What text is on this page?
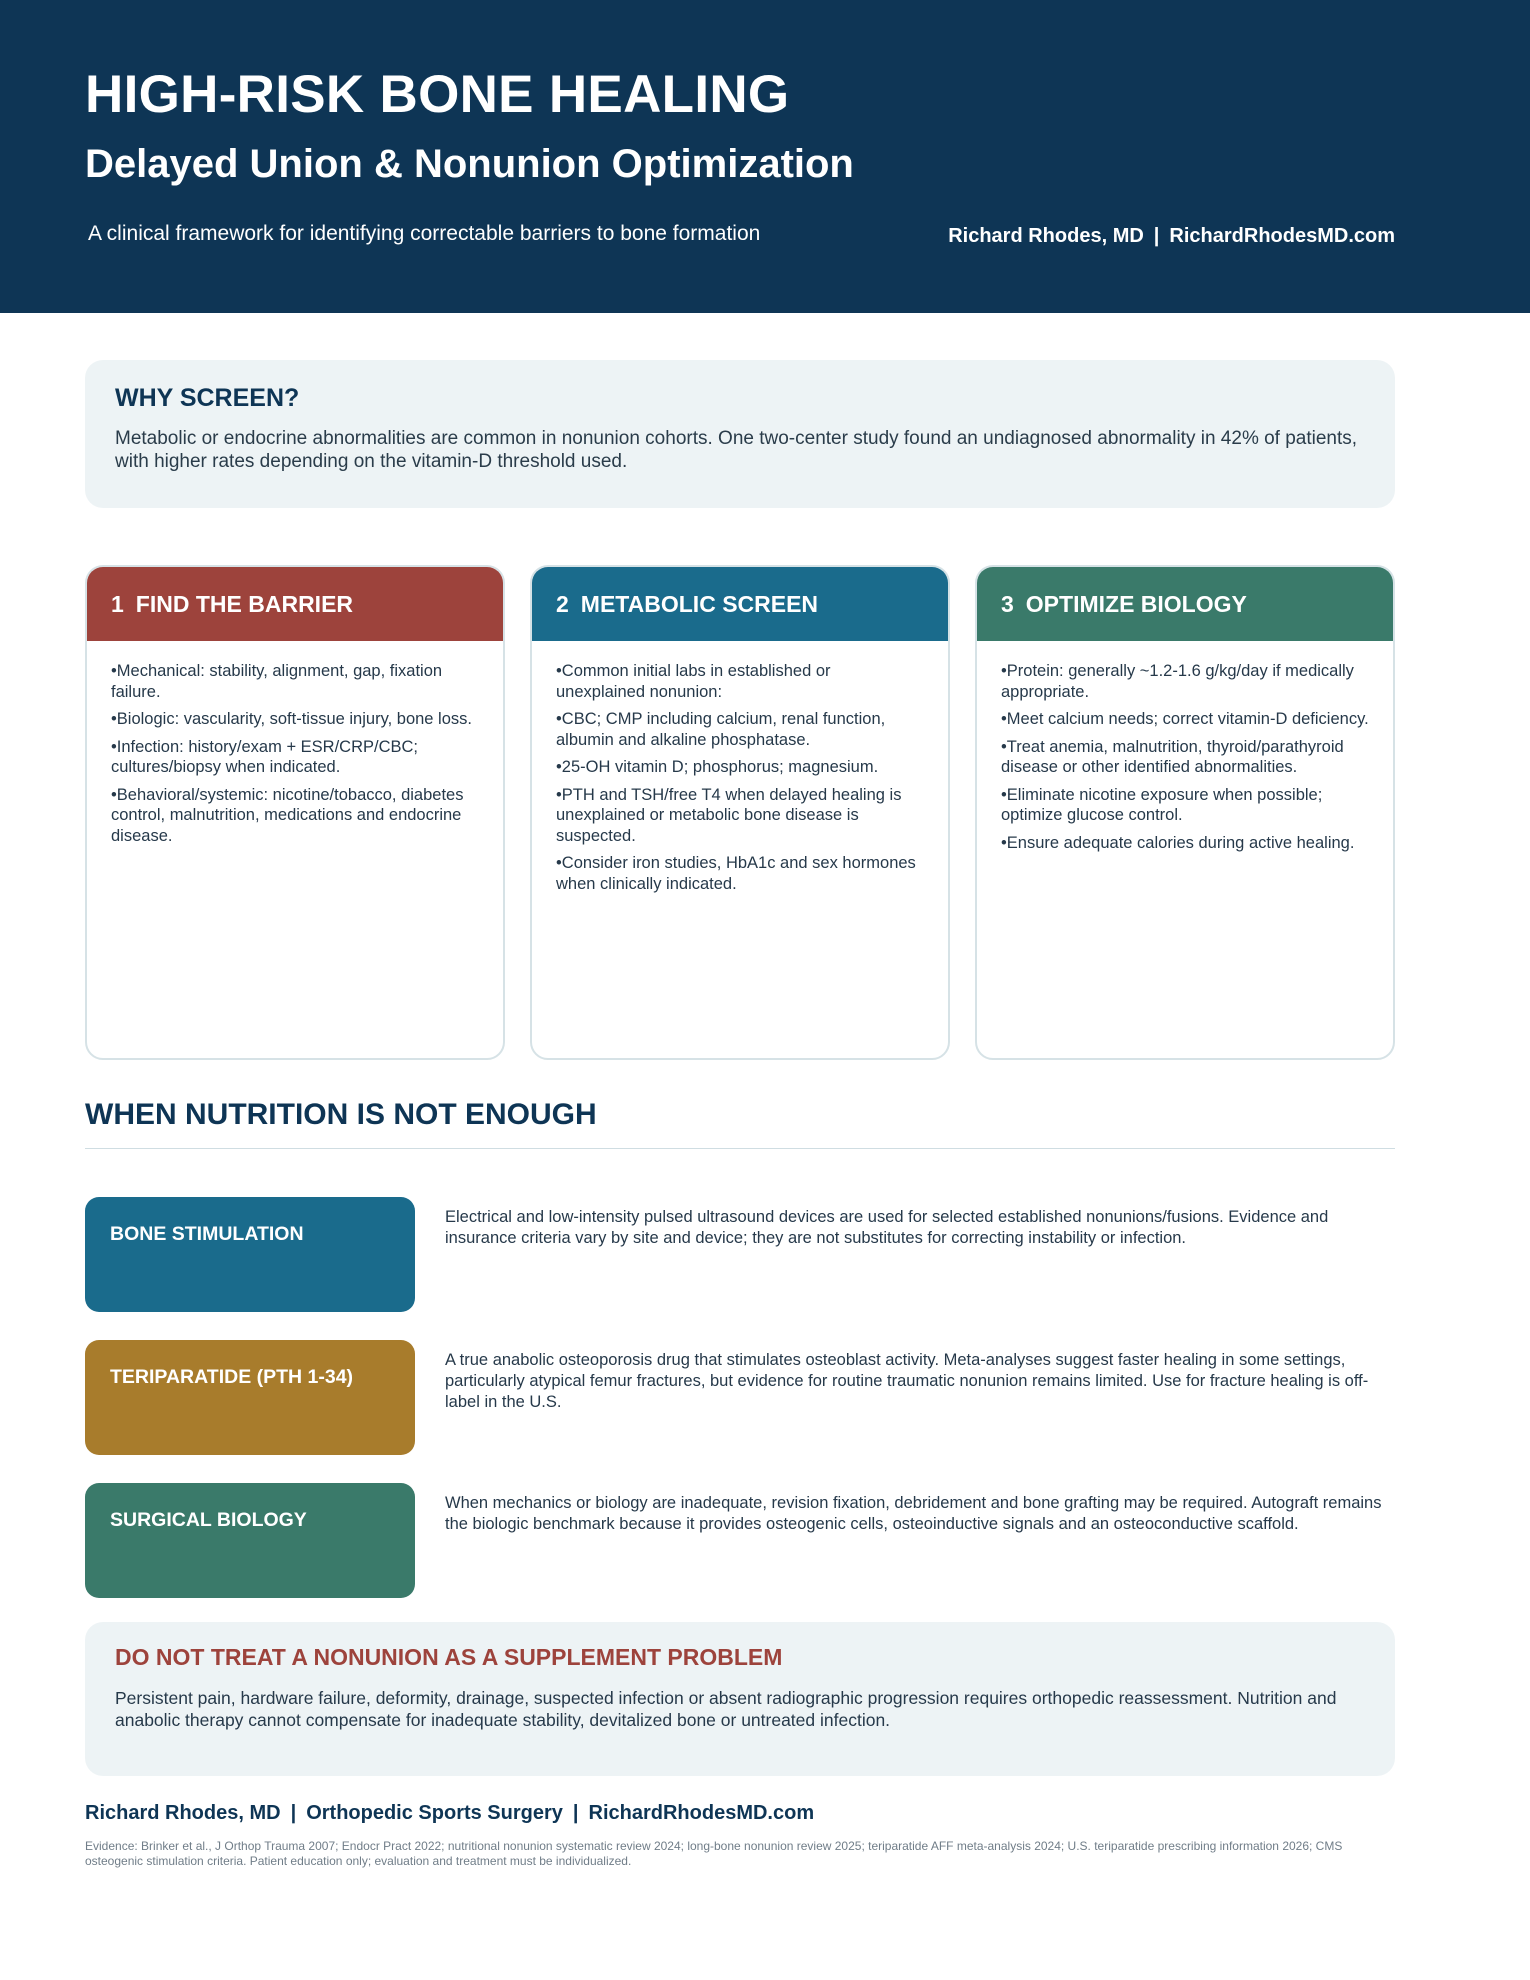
HIGH-RISK BONE HEALING
Delayed Union & Nonunion Optimization
A clinical framework for identifying correctable barriers to bone formation	Richard Rhodes, MD | RichardRhodesMD.com
WHY SCREEN?

Metabolic or endocrine abnormalities are common in nonunion cohorts. One two-center study found an undiagnosed abnormality in 42% of patients, with higher rates depending on the vitamin-D threshold used.

1 FIND THE BARRIER
• Mechanical: stability, alignment, gap, fixation failure.
• Biologic: vascularity, soft-tissue injury, bone loss.
• Infection: history/exam + ESR/CRP/CBC; cultures/biopsy when indicated.
• Behavioral/systemic: nicotine/tobacco, diabetes control, malnutrition, medications and endocrine disease.
2 METABOLIC SCREEN
• Common initial labs in established or unexplained nonunion:
• CBC; CMP including calcium, renal function, albumin and alkaline phosphatase.
• 25-OH vitamin D; phosphorus; magnesium.
• PTH and TSH/free T4 when delayed healing is unexplained or metabolic bone disease is suspected.
• Consider iron studies, HbA1c and sex hormones when clinically indicated.
3 OPTIMIZE BIOLOGY
• Protein: generally ~1.2-1.6 g/kg/day if medically appropriate.
• Meet calcium needs; correct vitamin-D deficiency.
• Treat anemia, malnutrition, thyroid/parathyroid disease or other identified abnormalities.
• Eliminate nicotine exposure when possible; optimize glucose control.
• Ensure adequate calories during active healing.
WHEN NUTRITION IS NOT ENOUGH
BONE STIMULATION
Electrical and low-intensity pulsed ultrasound devices are used for selected established nonunions/fusions. Evidence and insurance criteria vary by site and device; they are not substitutes for correcting instability or infection.
TERIPARATIDE (PTH 1-34)
A true anabolic osteoporosis drug that stimulates osteoblast activity. Meta-analyses suggest faster healing in some settings, particularly atypical femur fractures, but evidence for routine traumatic nonunion remains limited. Use for fracture healing is off-label in the U.S.
SURGICAL BIOLOGY
When mechanics or biology are inadequate, revision fixation, debridement and bone grafting may be required. Autograft remains the biologic benchmark because it provides osteogenic cells, osteoinductive signals and an osteoconductive scaffold.
DO NOT TREAT A NONUNION AS A SUPPLEMENT PROBLEM

Persistent pain, hardware failure, deformity, drainage, suspected infection or absent radiographic progression requires orthopedic reassessment. Nutrition and anabolic therapy cannot compensate for inadequate stability, devitalized bone or untreated infection.

Richard Rhodes, MD | Orthopedic Sports Surgery | RichardRhodesMD.com
Evidence: Brinker et al., J Orthop Trauma 2007; Endocr Pract 2022; nutritional nonunion systematic review 2024; long-bone nonunion review 2025; teriparatide AFF meta-analysis 2024; U.S. teriparatide prescribing information 2026; CMS osteogenic stimulation criteria. Patient education only; evaluation and treatment must be individualized.
